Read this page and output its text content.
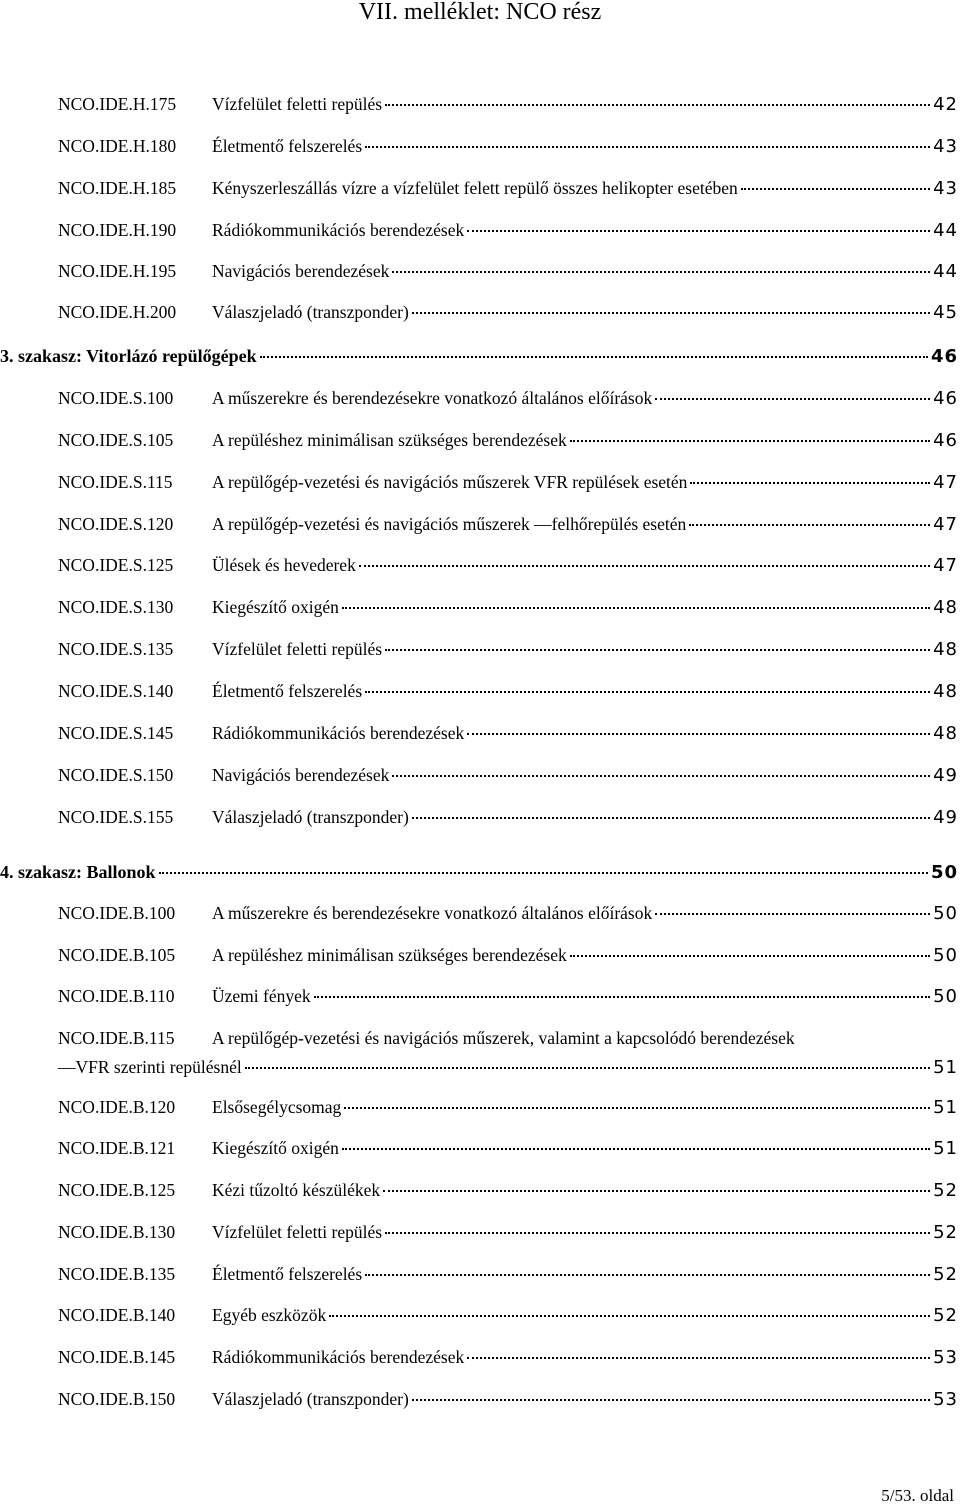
VII. melléklet: NCO rész
NCO.IDE.H.175	Vízfelület feletti repülés	42
NCO.IDE.H.180	Életmentő felszerelés	43
NCO.IDE.H.185	Kényszerleszállás vízre a vízfelület felett repülő összes helikopter esetében	43
NCO.IDE.H.190	Rádiókommunikációs berendezések	44
NCO.IDE.H.195	Navigációs berendezések	44
NCO.IDE.H.200	Válaszjeladó (transzponder)	45
3. szakasz: Vitorlázó repülőgépek	46
NCO.IDE.S.100	A műszerekre és berendezésekre vonatkozó általános előírások	46
NCO.IDE.S.105	A repüléshez minimálisan szükséges berendezések	46
NCO.IDE.S.115	A repülőgép-vezetési és navigációs műszerek VFR repülések esetén	47
NCO.IDE.S.120	A repülőgép-vezetési és navigációs műszerek —felhőrepülés esetén	47
NCO.IDE.S.125	Ülések és hevederek	47
NCO.IDE.S.130	Kiegészítő oxigén	48
NCO.IDE.S.135	Vízfelület feletti repülés	48
NCO.IDE.S.140	Életmentő felszerelés	48
NCO.IDE.S.145	Rádiókommunikációs berendezések	48
NCO.IDE.S.150	Navigációs berendezések	49
NCO.IDE.S.155	Válaszjeladó (transzponder)	49
4. szakasz: Ballonok	50
NCO.IDE.B.100	A műszerekre és berendezésekre vonatkozó általános előírások	50
NCO.IDE.B.105	A repüléshez minimálisan szükséges berendezések	50
NCO.IDE.B.110	Üzemi fények	50
NCO.IDE.B.115	A repülőgép-vezetési és navigációs műszerek, valamint a kapcsolódó berendezések
—VFR szerinti repülésnél	51
NCO.IDE.B.120	Elsősegélycsomag	51
NCO.IDE.B.121	Kiegészítő oxigén	51
NCO.IDE.B.125	Kézi tűzoltó készülékek	52
NCO.IDE.B.130	Vízfelület feletti repülés	52
NCO.IDE.B.135	Életmentő felszerelés	52
NCO.IDE.B.140	Egyéb eszközök	52
NCO.IDE.B.145	Rádiókommunikációs berendezések	53
NCO.IDE.B.150	Válaszjeladó (transzponder)	53
5/53. oldal
